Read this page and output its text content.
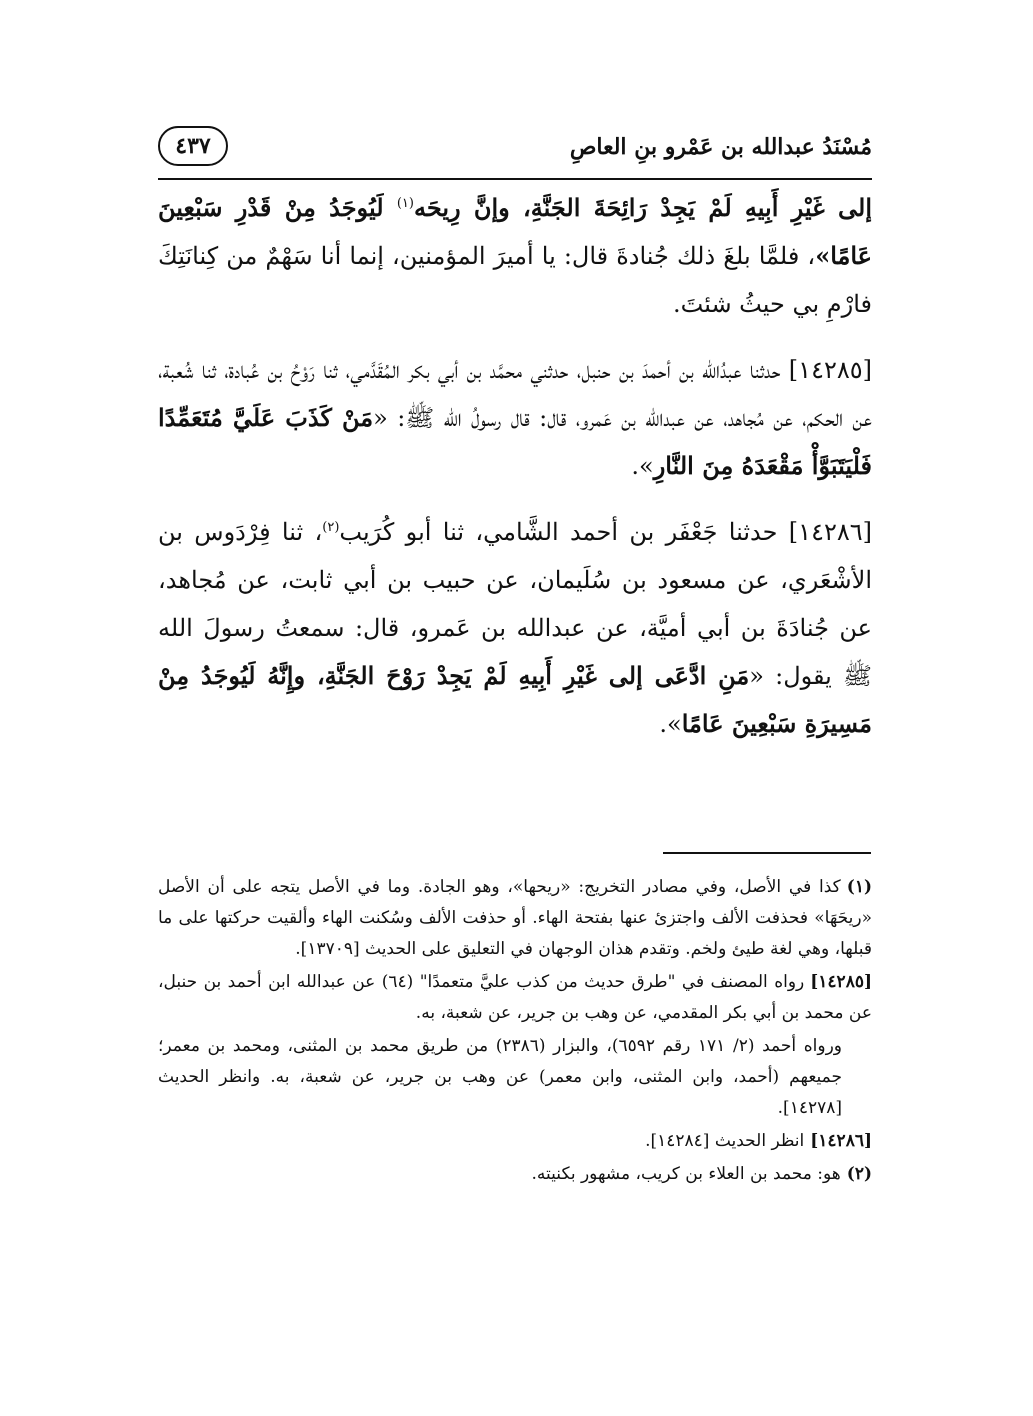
مُسْنَدُ عبدالله بن عَمْرو بنِ العاصِ
٤٣٧

إلى غَيْرِ أَبِيهِ لَمْ يَجِدْ رَائِحَةَ الجَنَّةِ، وإنَّ رِيحَه$^{(١)}$ لَيُوجَدُ مِنْ قَدْرِ سَبْعِينَ عَامًا»، فلمَّا بلغَ ذلك جُنادةَ قال: يا أميرَ المؤمنين، إنما أنا سَهْمٌ من كِنانَتِكَ فارْمِ بي حيثُ شئتَ.

[١٤٢٨٥] حدثنا عبدُالله بن أحمدَ بن حنبل، حدثني محمَّد بن أبي بكر المُقَدَّمي، ثنا رَوْحُ بن عُبادة، ثنا شُعبة، عن الحكم، عن مُجاهد، عن عبدالله بن عَمرو، قال: قال رسولُ الله ﷺ: «مَنْ كَذَبَ عَلَيَّ مُتَعَمِّدًا فَلْيَتَبَوَّأْ مَقْعَدَهُ مِنَ النَّارِ».

[١٤٢٨٦] حدثنا جَعْفَر بن أحمد الشَّامي، ثنا أبو كُرَيب$^{(٢)}$، ثنا فِرْدَوس بن الأشْعَري، عن مسعود بن سُلَيمان، عن حبيب بن أبي ثابت، عن مُجاهد، عن جُنادَةَ بن أبي أميَّة، عن عبدالله بن عَمرو، قال: سمعتُ رسولَ الله ﷺ يقول: «مَنِ ادَّعَى إلى غَيْرِ أَبِيهِ لَمْ يَجِدْ رَوْحَ الجَنَّةِ، وإِنَّهُ لَيُوجَدُ مِنْ مَسِيرَةِ سَبْعِينَ عَامًا».

(١)كذا في الأصل، وفي مصادر التخريج: «ريحها»، وهو الجادة. وما في الأصل يتجه على أن الأصل «ريحَهَا» فحذفت الألف واجتزئ عنها بفتحة الهاء. أو حذفت الألف وسُكنت الهاء وألقيت حركتها على ما قبلها، وهي لغة طيئ ولخم. وتقدم هذان الوجهان في التعليق على الحديث [١٣٧٠٩].

[١٤٢٨٥]رواه المصنف في "طرق حديث من كذب عليَّ متعمدًا" (٦٤) عن عبدالله ابن أحمد بن حنبل، عن محمد بن أبي بكر المقدمي، عن وهب بن جرير، عن شعبة، به.

ورواه أحمد (٢/ ١٧١ رقم ٦٥٩٢)، والبزار (٢٣٨٦) من طريق محمد بن المثنى، ومحمد بن معمر؛ جميعهم (أحمد، وابن المثنى، وابن معمر) عن وهب بن جرير، عن شعبة، به. وانظر الحديث [١٤٢٧٨].

[١٤٢٨٦]انظر الحديث [١٤٢٨٤].

(٢)هو: محمد بن العلاء بن كريب، مشهور بكنيته.
